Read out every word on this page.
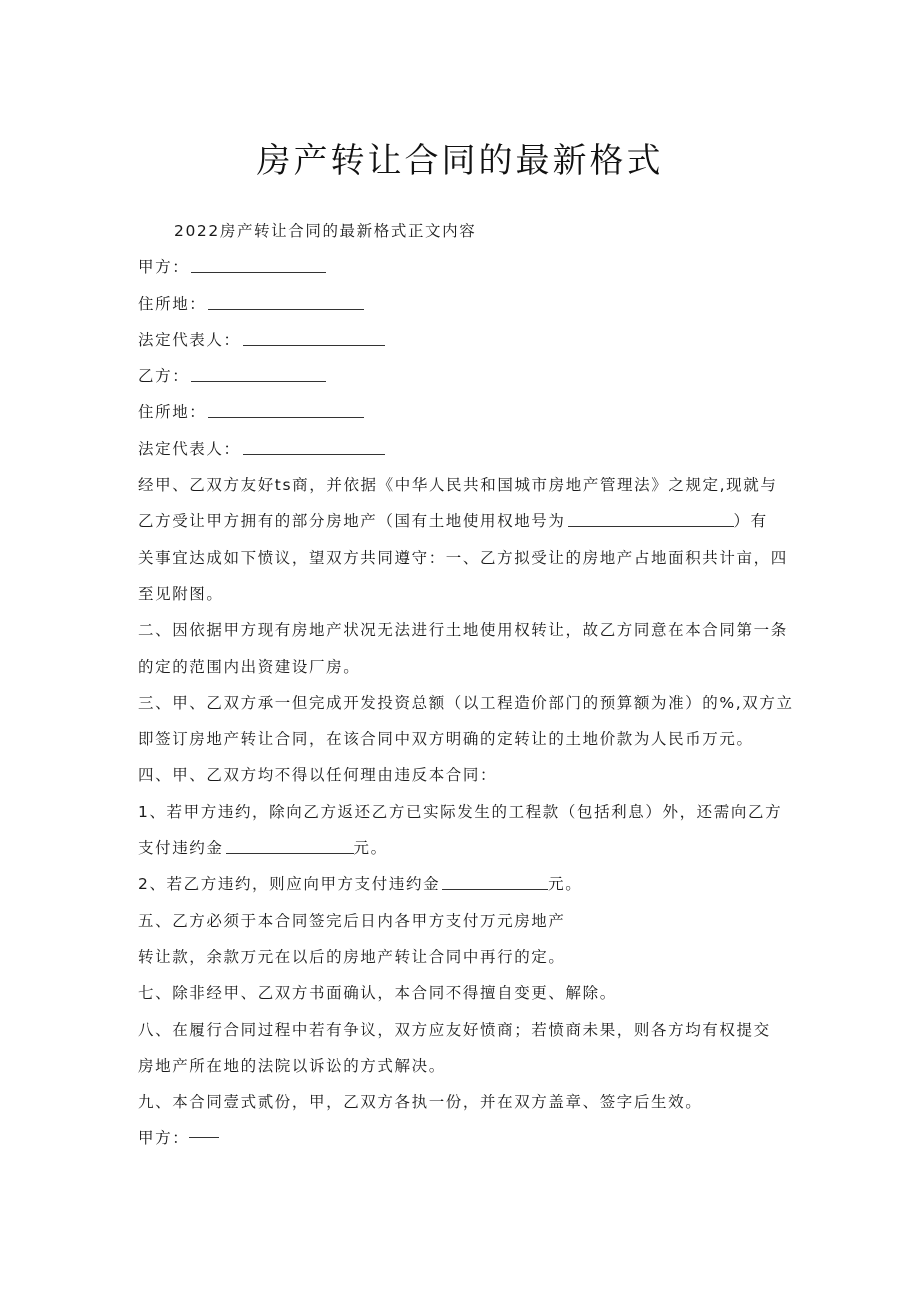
房产转让合同的最新格式
2022房产转让合同的最新格式正文内容
甲方：
住所地：
法定代表人：
乙方：
住所地：
法定代表人：
经甲、乙双方友好ts商，并依据《中华人民共和国城市房地产管理法》之规定,现就与
乙方受让甲方拥有的部分房地产（国有土地使用权地号为	）有
关事宜达成如下愤议，望双方共同遵守：一、乙方拟受让的房地产占地面积共计亩，四
至见附图。
二、因依据甲方现有房地产状况无法进行土地使用权转让，故乙方同意在本合同第一条
的定的范围内出资建设厂房。
三、甲、乙双方承一但完成开发投资总额（以工程造价部门的预算额为准）的%,双方立
即签订房地产转让合同，在该合同中双方明确的定转让的土地价款为人民币万元。
四、甲、乙双方均不得以任何理由违反本合同：
1、若甲方违约，除向乙方返还乙方已实际发生的工程款（包括利息）外，还需向乙方
支付违约金	元。
2、若乙方违约，则应向甲方支付违约金	元。
五、乙方必须于本合同签完后日内各甲方支付万元房地产
转让款，余款万元在以后的房地产转让合同中再行的定。
七、除非经甲、乙双方书面确认，本合同不得擅自变更、解除。
八、在履行合同过程中若有争议，双方应友好愤商；若愤商未果，则各方均有权提交
房地产所在地的法院以诉讼的方式解决。
九、本合同壹式贰份，甲，乙双方各执一份，并在双方盖章、签字后生效。
甲方：
